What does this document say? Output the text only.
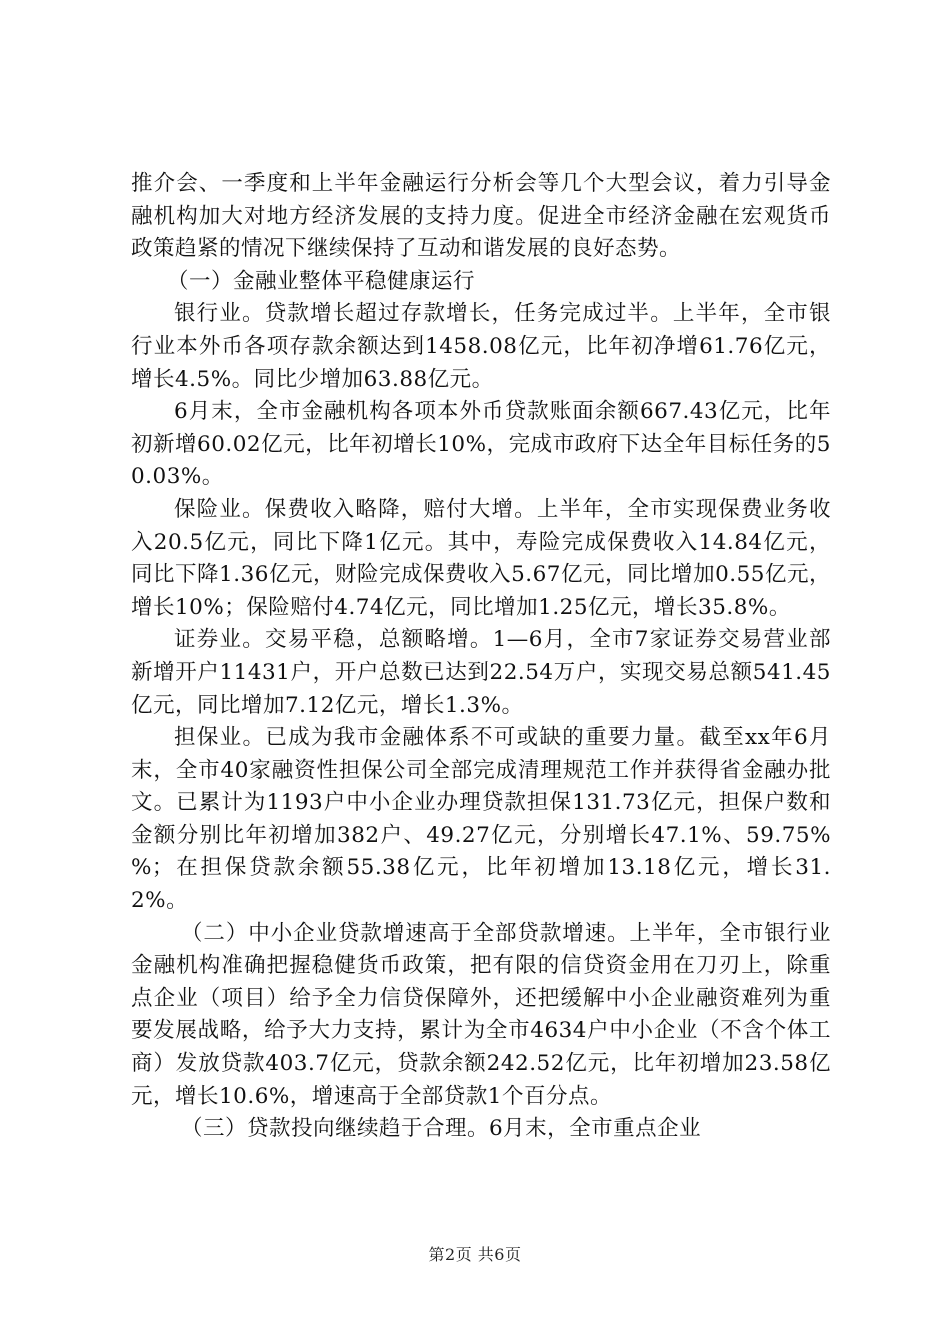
推介会、一季度和上半年金融运行分析会等几个大型会议，着力引导金融机构加大对地方经济发展的支持力度。促进全市经济金融在宏观货币政策趋紧的情况下继续保持了互动和谐发展的良好态势。

（一）金融业整体平稳健康运行

银行业。贷款增长超过存款增长，任务完成过半。上半年，全市银行业本外币各项存款余额达到1458.08亿元，比年初净增61.76亿元，增长4.5%。同比少增加63.88亿元。

6月末，全市金融机构各项本外币贷款账面余额667.43亿元，比年初新增60.02亿元，比年初增长10%，完成市政府下达全年目标任务的50.03%。

保险业。保费收入略降，赔付大增。上半年，全市实现保费业务收入20.5亿元，同比下降1亿元。其中，寿险完成保费收入14.84亿元，同比下降1.36亿元，财险完成保费收入5.67亿元，同比增加0.55亿元，增长10%；保险赔付4.74亿元，同比增加1.25亿元，增长35.8%。

证券业。交易平稳，总额略增。1—6月，全市7家证券交易营业部新增开户11431户，开户总数已达到22.54万户，实现交易总额541.45亿元，同比增加7.12亿元，增长1.3%。

担保业。已成为我市金融体系不可或缺的重要力量。截至xx年6月末，全市40家融资性担保公司全部完成清理规范工作并获得省金融办批文。已累计为1193户中小企业办理贷款担保131.73亿元，担保户数和金额分别比年初增加382户、49.27亿元，分别增长47.1%、59.75%%；在担保贷款余额55.38亿元，比年初增加13.18亿元，增长31.2%。

（二）中小企业贷款增速高于全部贷款增速。上半年，全市银行业金融机构准确把握稳健货币政策，把有限的信贷资金用在刀刃上，除重点企业（项目）给予全力信贷保障外，还把缓解中小企业融资难列为重要发展战略，给予大力支持，累计为全市4634户中小企业（不含个体工商）发放贷款403.7亿元，贷款余额242.52亿元，比年初增加23.58亿元，增长10.6%，增速高于全部贷款1个百分点。

（三）贷款投向继续趋于合理。6月末，全市重点企业

第2页 共6页
